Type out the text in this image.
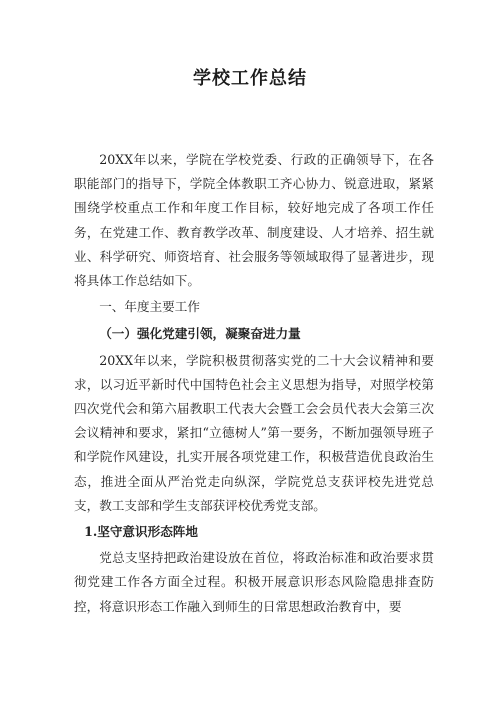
学校工作总结

20XX年以来，学院在学校党委、行政的正确领导下，在各职能部门的指导下，学院全体教职工齐心协力、锐意进取，紧紧围绕学校重点工作和年度工作目标，较好地完成了各项工作任务，在党建工作、教育教学改革、制度建设、人才培养、招生就业、科学研究、师资培育、社会服务等领域取得了显著进步，现将具体工作总结如下。

一、年度主要工作

（一）强化党建引领，凝聚奋进力量

20XX年以来，学院积极贯彻落实党的二十大会议精神和要求，以习近平新时代中国特色社会主义思想为指导，对照学校第四次党代会和第六届教职工代表大会暨工会会员代表大会第三次会议精神和要求，紧扣“立德树人”第一要务，不断加强领导班子和学院作风建设，扎实开展各项党建工作，积极营造优良政治生态，推进全面从严治党走向纵深，学院党总支获评校先进党总支，教工支部和学生支部获评校优秀党支部。

1.坚守意识形态阵地

党总支坚持把政治建设放在首位，将政治标准和政治要求贯彻党建工作各方面全过程。积极开展意识形态风险隐患排查防控，将意识形态工作融入到师生的日常思想政治教育中，要
